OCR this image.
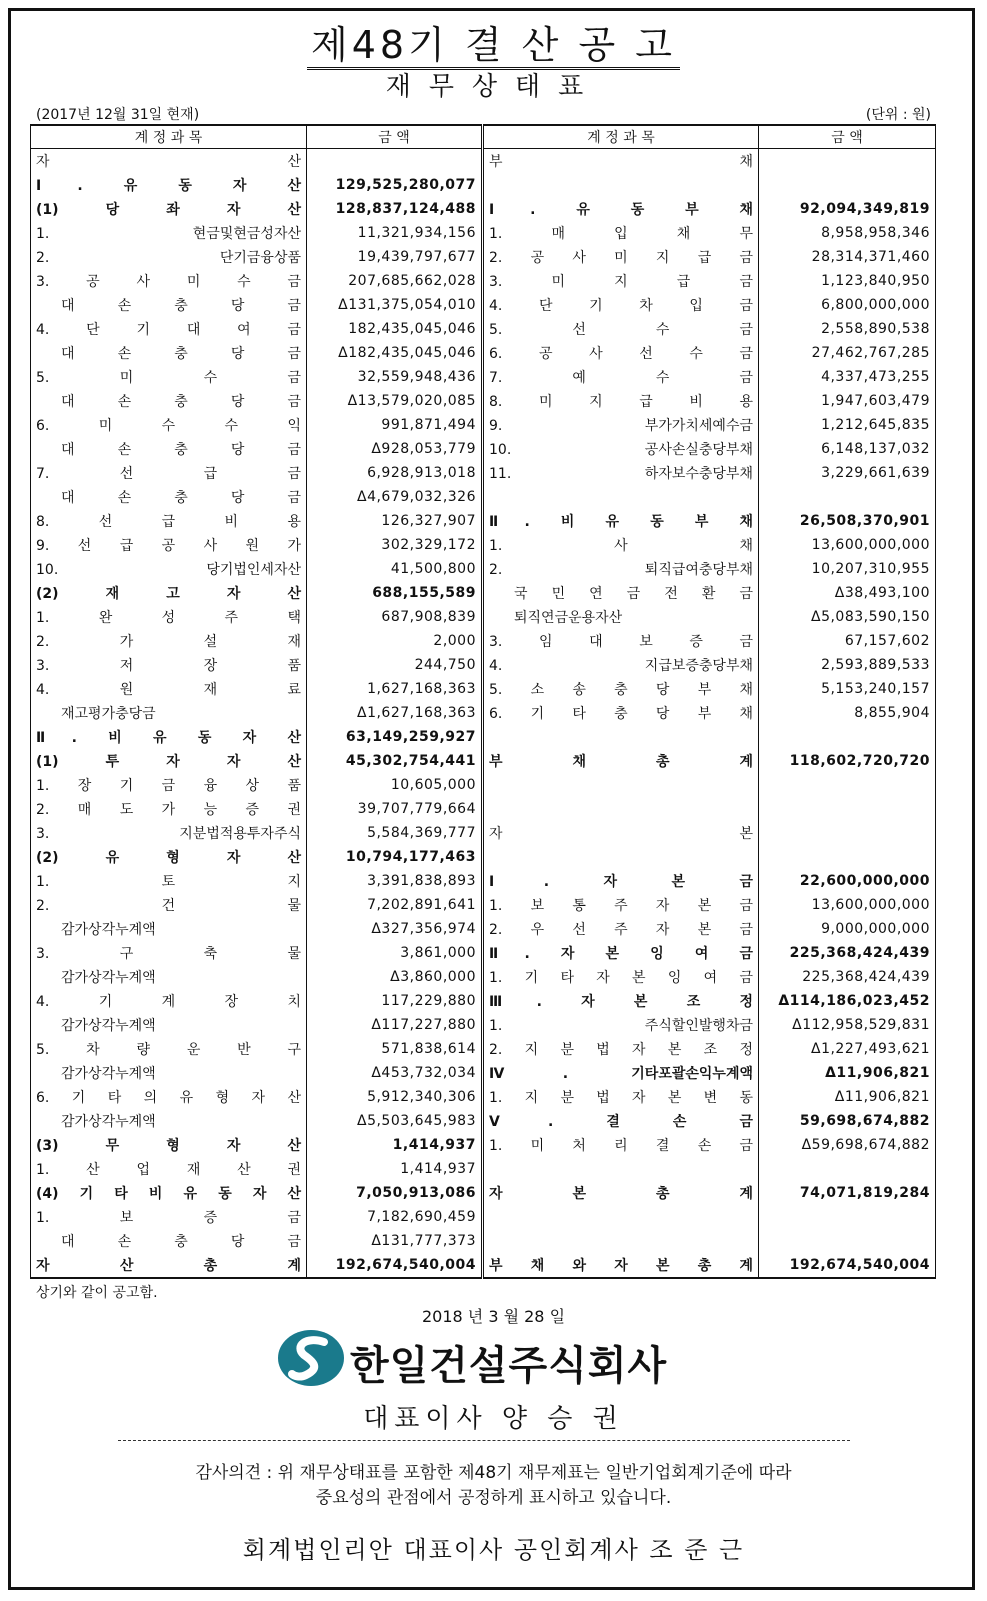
제48기 결 산 공 고
재무상태표
(2017년 12월 31일 현재)	(단위 : 원)
계 정 과 목	금 액	계 정 과 목	금 액
자 산		부 채	
Ⅰ. 유 동 자 산	129,525,280,077		
(1) 당 좌 자 산	128,837,124,488	Ⅰ. 유 동 부 채	92,094,349,819
1. 현금및현금성자산	11,321,934,156	1. 매 입 채 무	8,958,958,346
2. 단기금융상품	19,439,797,677	2. 공 사 미 지 급 금	28,314,371,460
3. 공 사 미 수 금	207,685,662,028	3. 미 지 급 금	1,123,840,950
대 손 충 당 금	Δ131,375,054,010	4. 단 기 차 입 금	6,800,000,000
4. 단 기 대 여 금	182,435,045,046	5. 선 수 금	2,558,890,538
대 손 충 당 금	Δ182,435,045,046	6. 공 사 선 수 금	27,462,767,285
5. 미 수 금	32,559,948,436	7. 예 수 금	4,337,473,255
대 손 충 당 금	Δ13,579,020,085	8. 미 지 급 비 용	1,947,603,479
6. 미 수 수 익	991,871,494	9. 부가가치세예수금	1,212,645,835
대 손 충 당 금	Δ928,053,779	10. 공사손실충당부채	6,148,137,032
7. 선 급 금	6,928,913,018	11. 하자보수충당부채	3,229,661,639
대 손 충 당 금	Δ4,679,032,326		
8. 선 급 비 용	126,327,907	Ⅱ. 비 유 동 부 채	26,508,370,901
9. 선 급 공 사 원 가	302,329,172	1. 사 채	13,600,000,000
10. 당기법인세자산	41,500,800	2. 퇴직급여충당부채	10,207,310,955
(2) 재 고 자 산	688,155,589	국 민 연 금 전 환 금	Δ38,493,100
1. 완 성 주 택	687,908,839	퇴직연금운용자산	Δ5,083,590,150
2. 가 설 재	2,000	3. 임 대 보 증 금	67,157,602
3. 저 장 품	244,750	4. 지급보증충당부채	2,593,889,533
4. 원 재 료	1,627,168,363	5. 소 송 충 당 부 채	5,153,240,157
재고평가충당금	Δ1,627,168,363	6. 기 타 충 당 부 채	8,855,904
Ⅱ. 비 유 동 자 산	63,149,259,927		
(1) 투 자 자 산	45,302,754,441	부 채 총 계	118,602,720,720
1. 장 기 금 융 상 품	10,605,000		
2. 매 도 가 능 증 권	39,707,779,664		
3. 지분법적용투자주식	5,584,369,777	자 본	
(2) 유 형 자 산	10,794,177,463		
1. 토 지	3,391,838,893	Ⅰ. 자 본 금	22,600,000,000
2. 건 물	7,202,891,641	1. 보 통 주 자 본 금	13,600,000,000
감가상각누계액	Δ327,356,974	2. 우 선 주 자 본 금	9,000,000,000
3. 구 축 물	3,861,000	Ⅱ. 자 본 잉 여 금	225,368,424,439
감가상각누계액	Δ3,860,000	1. 기 타 자 본 잉 여 금	225,368,424,439
4. 기 계 장 치	117,229,880	Ⅲ. 자 본 조 정	Δ114,186,023,452
감가상각누계액	Δ117,227,880	1. 주식할인발행차금	Δ112,958,529,831
5. 차 량 운 반 구	571,838,614	2. 지 분 법 자 본 조 정	Δ1,227,493,621
감가상각누계액	Δ453,732,034	Ⅳ. 기타포괄손익누계액	Δ11,906,821
6. 기 타 의 유 형 자 산	5,912,340,306	1. 지 분 법 자 본 변 동	Δ11,906,821
감가상각누계액	Δ5,503,645,983	Ⅴ. 결 손 금	59,698,674,882
(3) 무 형 자 산	1,414,937	1. 미 처 리 결 손 금	Δ59,698,674,882
1. 산 업 재 산 권	1,414,937		
(4) 기 타 비 유 동 자 산	7,050,913,086	자 본 총 계	74,071,819,284
1. 보 증 금	7,182,690,459		
대 손 충 당 금	Δ131,777,373		
자 산 총 계	192,674,540,004	부 채 와 자 본 총 계	192,674,540,004
상기와 같이 공고함.
2018 년 3 월 28 일
한일건설주식회사
대표이사 양 승 권
감사의견 : 위 재무상태표를 포함한 제48기 재무제표는 일반기업회계기준에 따라
중요성의 관점에서 공정하게 표시하고 있습니다.
회계법인리안 대표이사 공인회계사 조 준 근
